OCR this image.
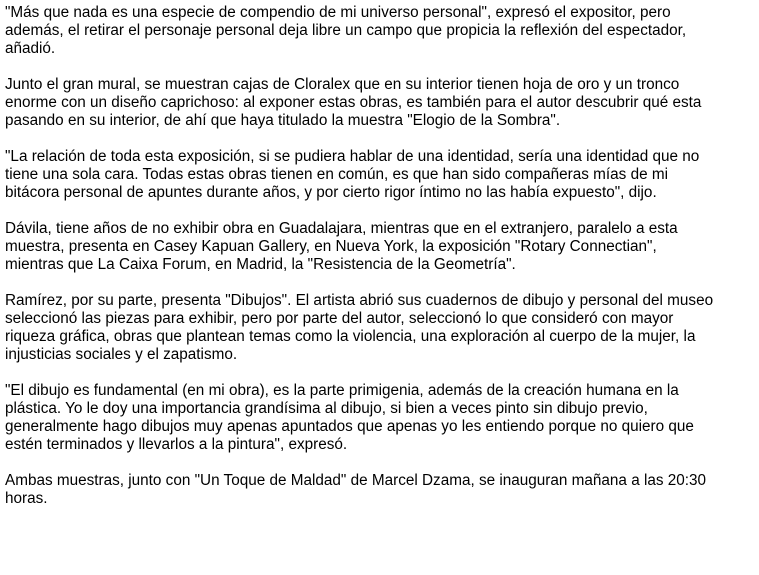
"Más que nada es una especie de compendio de mi universo personal", expresó el expositor, pero
además, el retirar el personaje personal deja libre un campo que propicia la reflexión del espectador,
añadió.

Junto el gran mural, se muestran cajas de Cloralex que en su interior tienen hoja de oro y un tronco
enorme con un diseño caprichoso: al exponer estas obras, es también para el autor descubrir qué esta
pasando en su interior, de ahí que haya titulado la muestra "Elogio de la Sombra".

"La relación de toda esta exposición, si se pudiera hablar de una identidad, sería una identidad que no
tiene una sola cara. Todas estas obras tienen en común, es que han sido compañeras mías de mi
bitácora personal de apuntes durante años, y por cierto rigor íntimo no las había expuesto", dijo.

Dávila, tiene años de no exhibir obra en Guadalajara, mientras que en el extranjero, paralelo a esta
muestra, presenta en Casey Kapuan Gallery, en Nueva York, la exposición "Rotary Connectian",
mientras que La Caixa Forum, en Madrid, la "Resistencia de la Geometría".

Ramírez, por su parte, presenta "Dibujos". El artista abrió sus cuadernos de dibujo y personal del museo
seleccionó las piezas para exhibir, pero por parte del autor, seleccionó lo que consideró con mayor
riqueza gráfica, obras que plantean temas como la violencia, una exploración al cuerpo de la mujer, la
injusticias sociales y el zapatismo.

"El dibujo es fundamental (en mi obra), es la parte primigenia, además de la creación humana en la
plástica. Yo le doy una importancia grandísima al dibujo, si bien a veces pinto sin dibujo previo,
generalmente hago dibujos muy apenas apuntados que apenas yo les entiendo porque no quiero que
estén terminados y llevarlos a la pintura", expresó.

Ambas muestras, junto con "Un Toque de Maldad" de Marcel Dzama, se inauguran mañana a las 20:30
horas.
